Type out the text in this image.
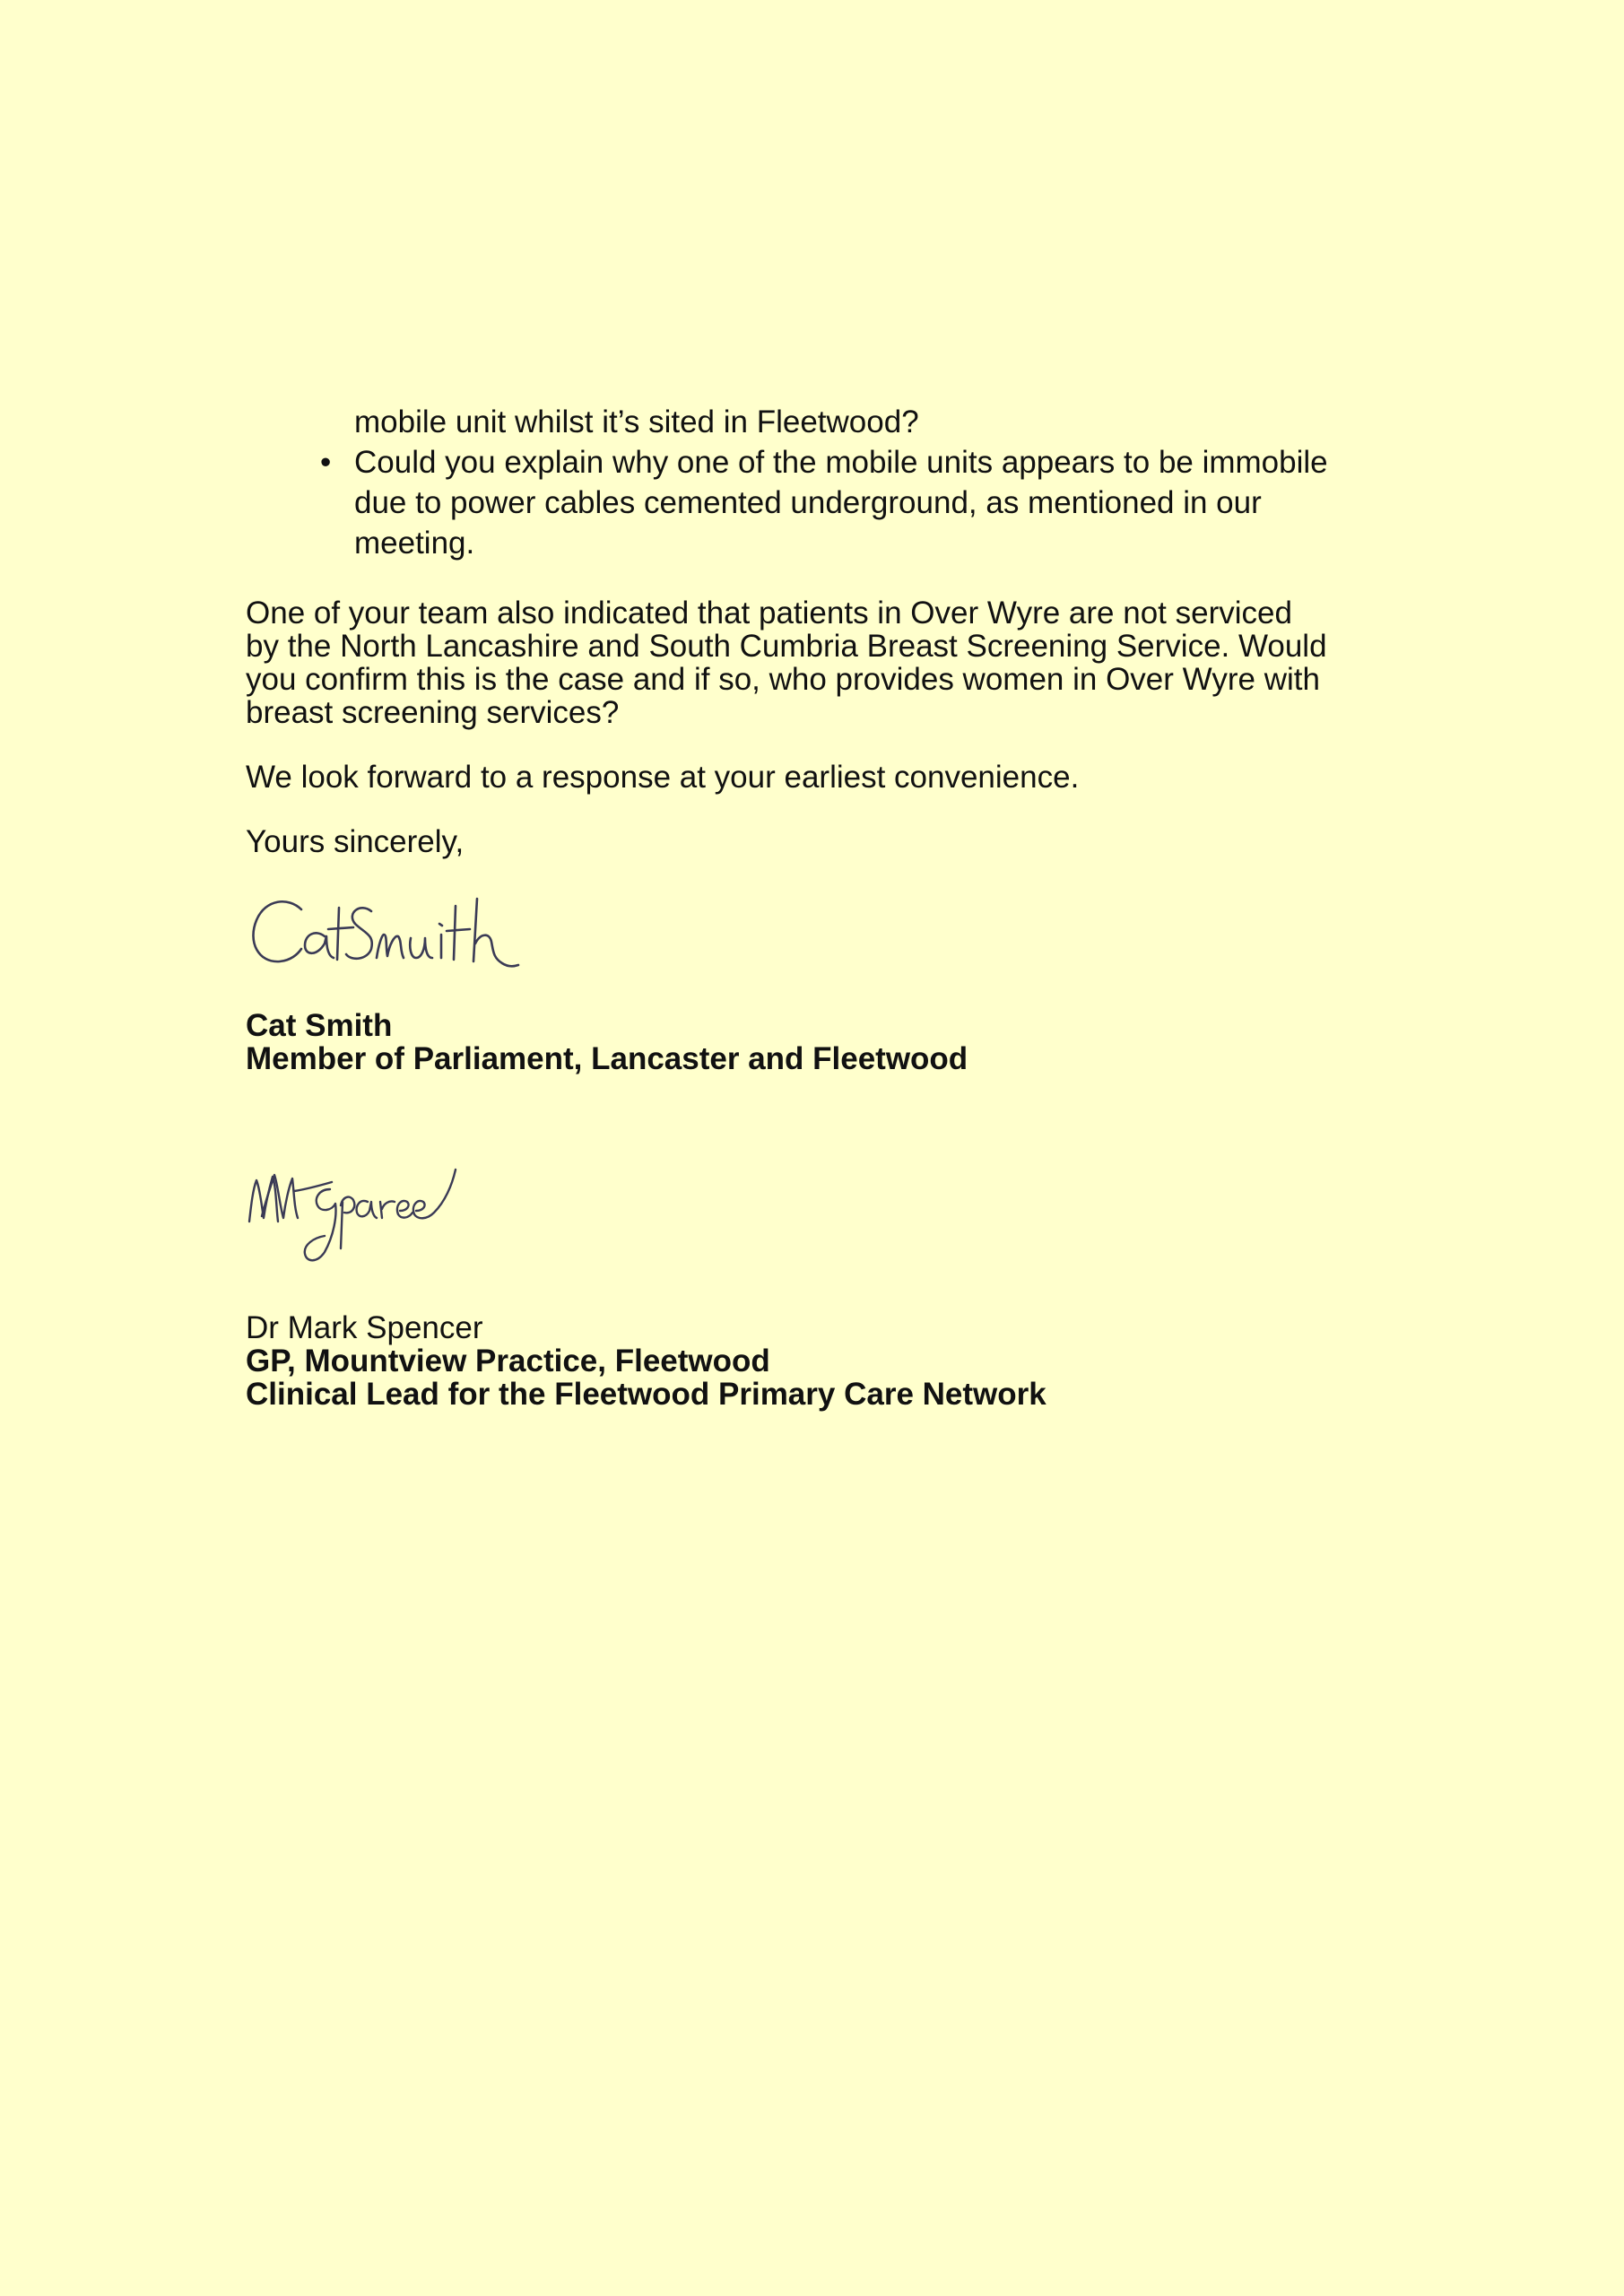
mobile unit whilst it’s sited in Fleetwood?

• Could you explain why one of the mobile units appears to be immobile

due to power cables cemented underground, as mentioned in our

meeting.

One of your team also indicated that patients in Over Wyre are not serviced
by the North Lancashire and South Cumbria Breast Screening Service. Would
you confirm this is the case and if so, who provides women in Over Wyre with
breast screening services?

We look forward to a response at your earliest convenience.

Yours sincerely,

Cat Smith
Member of Parliament, Lancaster and Fleetwood
Dr Mark Spencer
GP, Mountview Practice, Fleetwood
Clinical Lead for the Fleetwood Primary Care Network
